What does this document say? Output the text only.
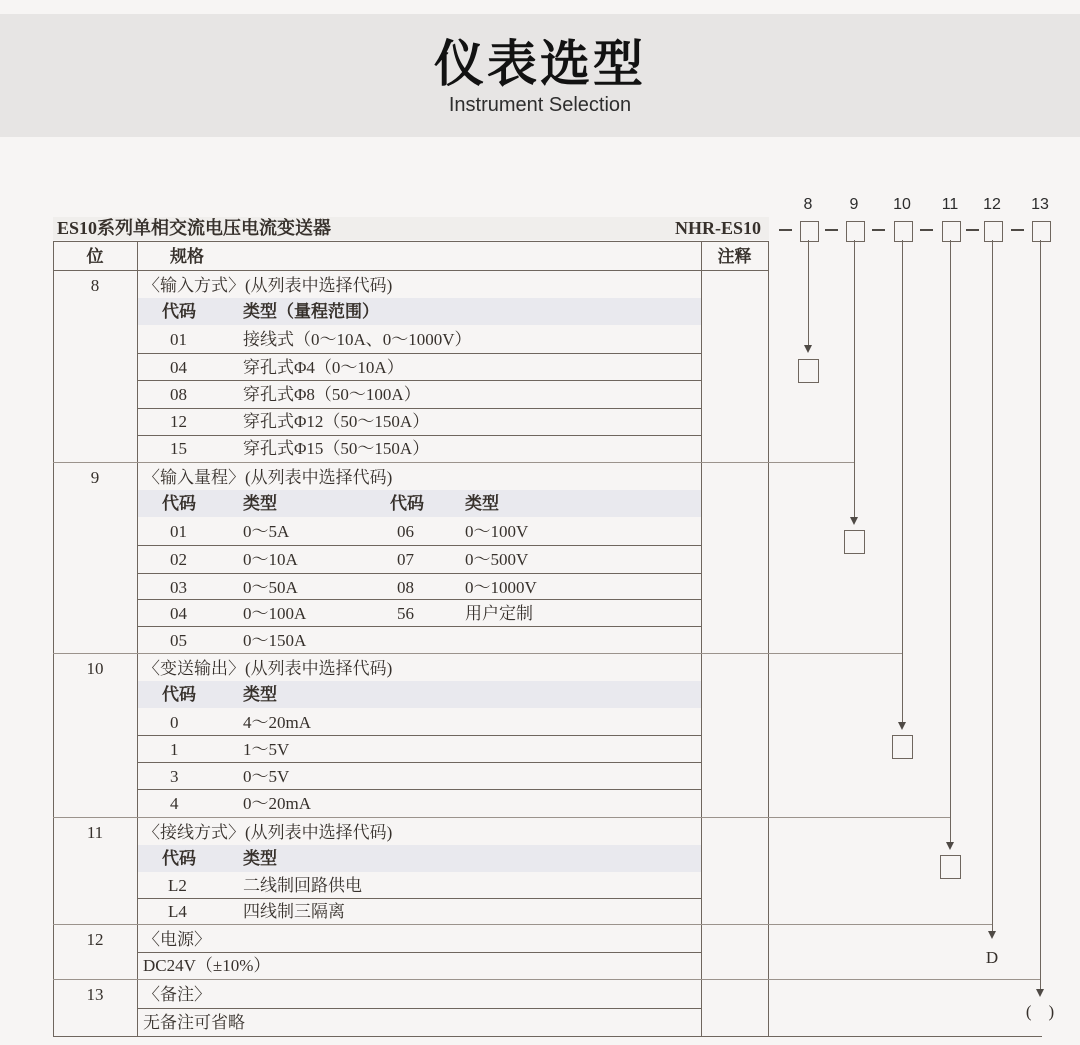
仪表选型
Instrument Selection
ES10系列单相交流电压电流变送器	NHR-ES10
8	9	10	11	12	13
位	规格	注释
8	〈输入方式〉(从列表中选择代码)
代码	类型（量程范围）
01	接线式（0～10A、0～1000V）
04	穿孔式Φ4（0～10A）
08	穿孔式Φ8（50～100A）
12	穿孔式Φ12（50～150A）
15	穿孔式Φ15（50～150A）
9	〈输入量程〉(从列表中选择代码)
代码	类型	代码 类型
01	0～5A	06	0～100V
02	0～10A	07	0～500V
03	0～50A	08	0～1000V
04	0～100A	56	用户定制
05	0～150A
10	〈变送输出〉(从列表中选择代码)
代码	类型
0	4～20mA
1	1～5V
3	0～5V
4	0～20mA
11	〈接线方式〉(从列表中选择代码)
代码	类型
L2	二线制回路供电
L4	四线制三隔离
12	〈电源〉
DC24V（±10%）
13	〈备注〉
无备注可省略
D
(　)
